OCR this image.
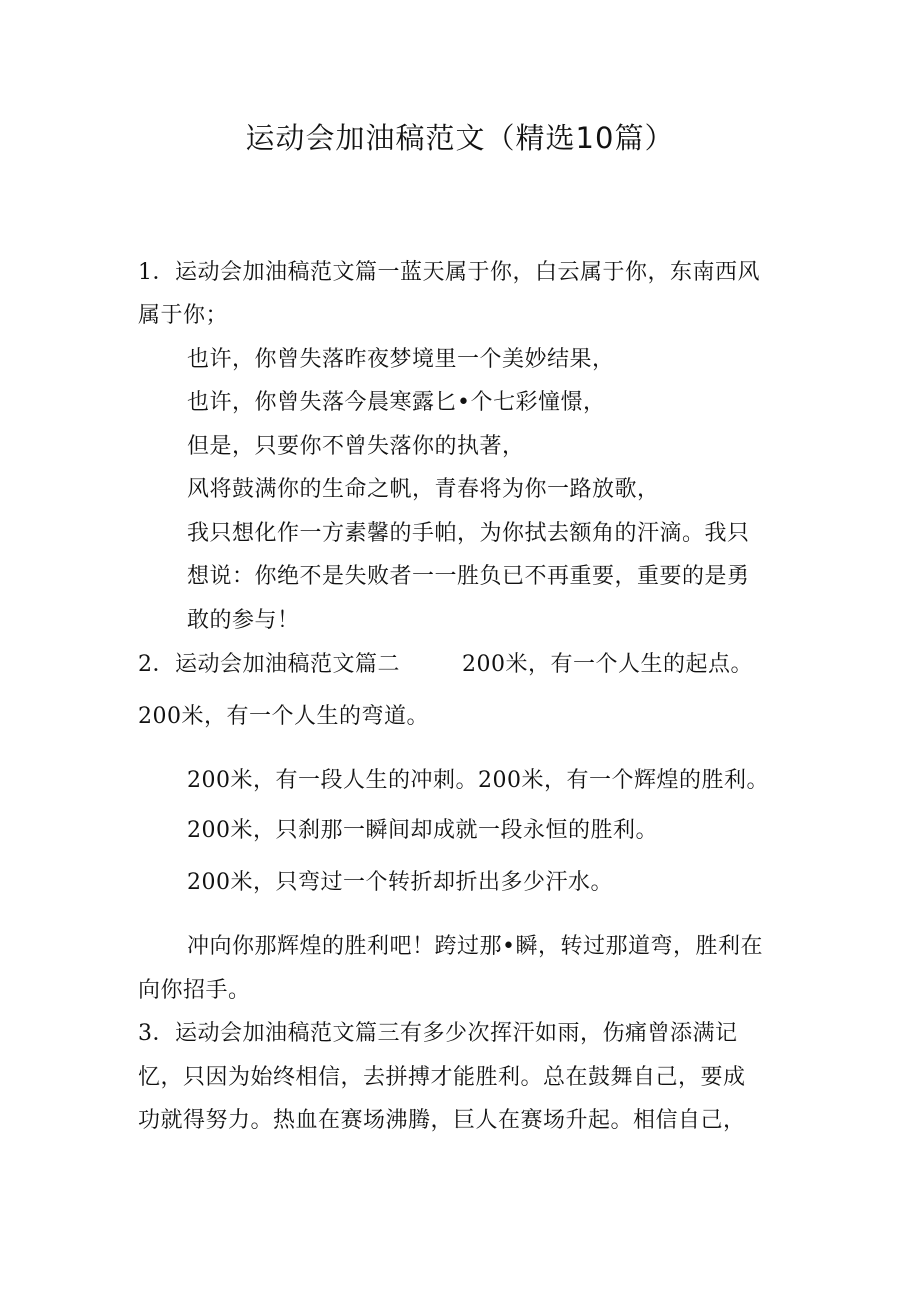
运动会加油稿范文（精选10篇）
1．运动会加油稿范文篇一蓝天属于你，白云属于你，东南西风
属于你；
也许，你曾失落昨夜梦境里一个美妙结果，
也许，你曾失落今晨寒露匕•个七彩憧憬，
但是，只要你不曾失落你的执著，
风将鼓满你的生命之帆，青春将为你一路放歌，
我只想化作一方素馨的手帕，为你拭去额角的汗滴。我只
想说：你绝不是失败者一一胜负已不再重要，重要的是勇
敢的参与！
2．运动会加油稿范文篇二	200米，有一个人生的起点。
200米，有一个人生的弯道。
200米，有一段人生的冲刺。200米，有一个辉煌的胜利。
200米，只刹那一瞬间却成就一段永恒的胜利。
200米，只弯过一个转折却折出多少汗水。
冲向你那辉煌的胜利吧！跨过那•瞬，转过那道弯，胜利在
向你招手。
3．运动会加油稿范文篇三有多少次挥汗如雨，伤痛曾添满记
忆，只因为始终相信，去拼搏才能胜利。总在鼓舞自己，要成
功就得努力。热血在赛场沸腾，巨人在赛场升起。相信自己，
